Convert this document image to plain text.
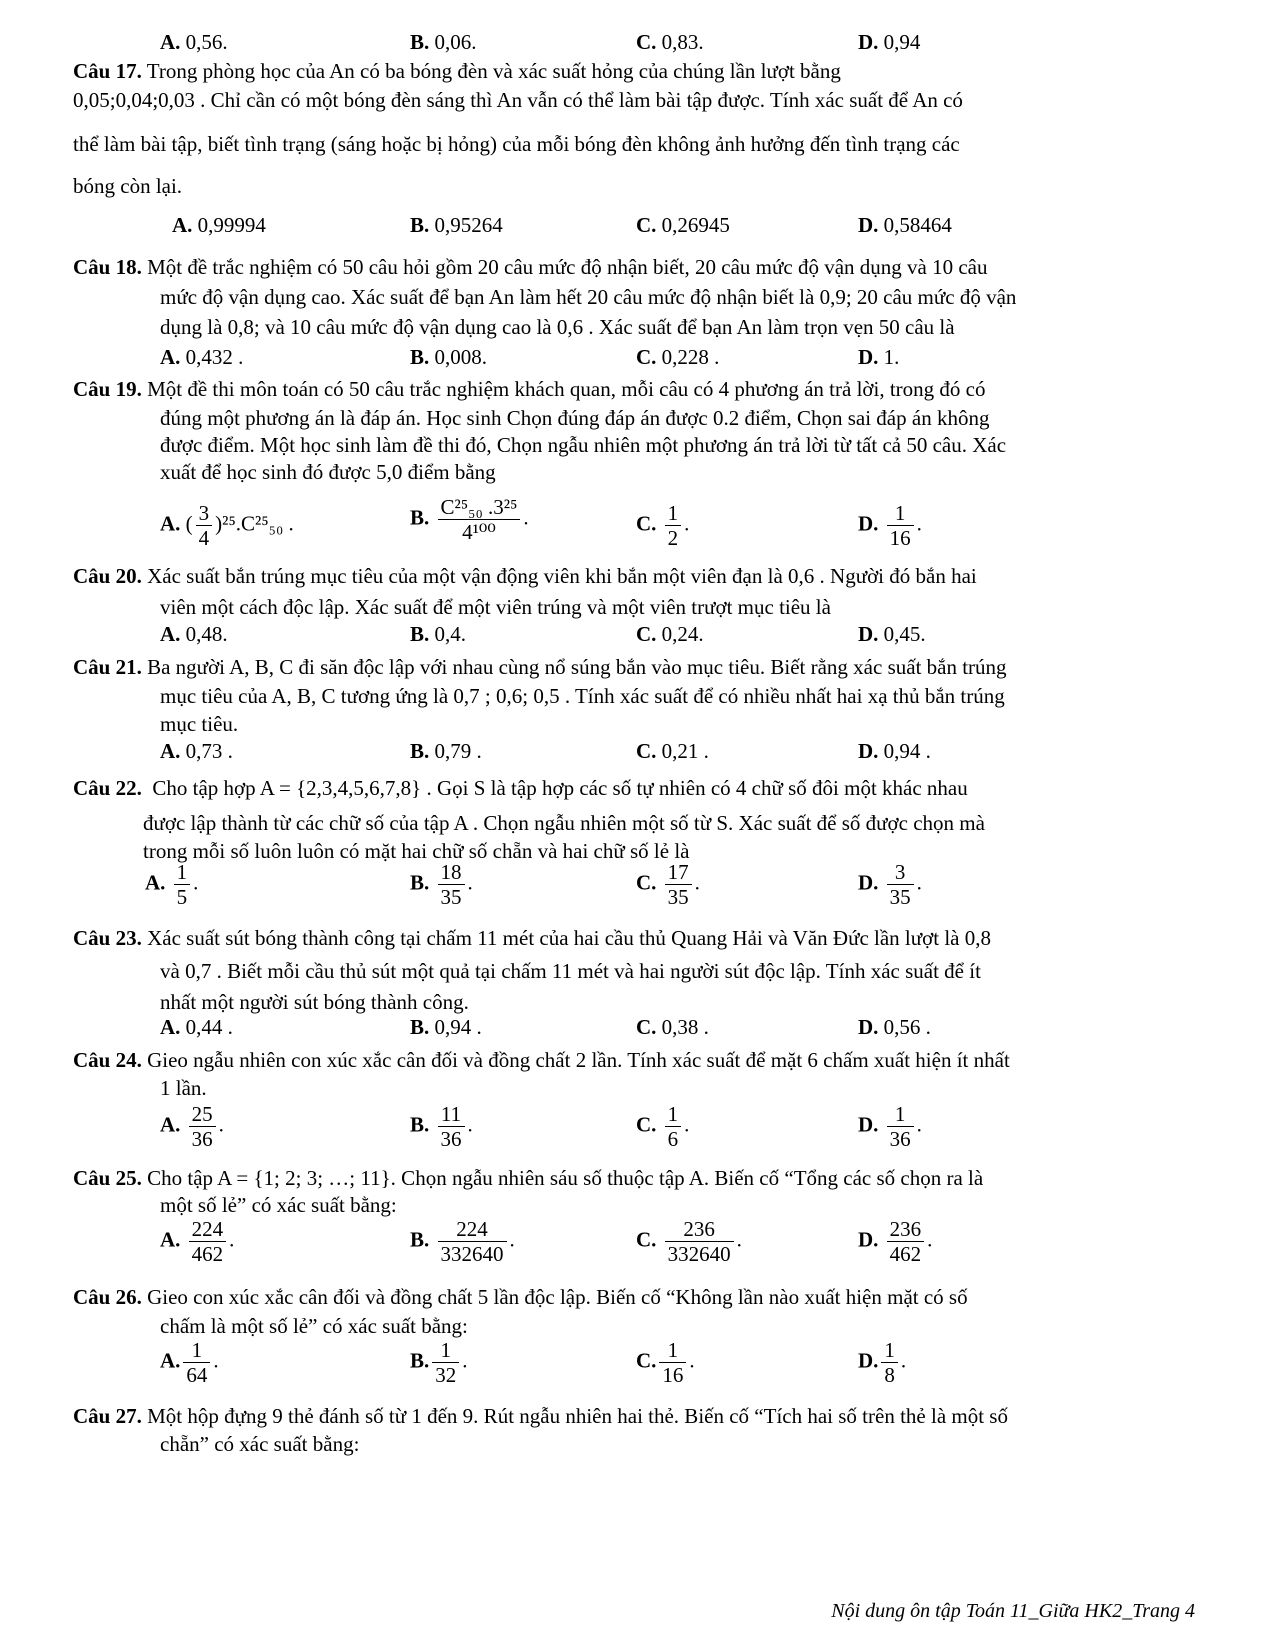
A. 0,56.	B. 0,06.	C. 0,83.	D. 0,94
Câu 17. Trong phòng học của An có ba bóng đèn và xác suất hỏng của chúng lần lượt bằng
0,05;0,04;0,03 . Chỉ cần có một bóng đèn sáng thì An vẫn có thể làm bài tập được. Tính xác suất để An có
thể làm bài tập, biết tình trạng (sáng hoặc bị hỏng) của mỗi bóng đèn không ảnh hưởng đến tình trạng các
bóng còn lại.
A. 0,99994	B. 0,95264	C. 0,26945	D. 0,58464
Câu 18. Một đề trắc nghiệm có 50 câu hỏi gồm 20 câu mức độ nhận biết, 20 câu mức độ vận dụng và 10 câu
mức độ vận dụng cao. Xác suất để bạn An làm hết 20 câu mức độ nhận biết là 0,9; 20 câu mức độ vận
dụng là 0,8; và 10 câu mức độ vận dụng cao là 0,6 . Xác suất để bạn An làm trọn vẹn 50 câu là
A. 0,432 .	B. 0,008.	C. 0,228 .	D. 1.
Câu 19. Một đề thi môn toán có 50 câu trắc nghiệm khách quan, mỗi câu có 4 phương án trả lời, trong đó có
đúng một phương án là đáp án. Học sinh Chọn đúng đáp án được 0.2 điểm, Chọn sai đáp án không
được điểm. Một học sinh làm đề thi đó, Chọn ngẫu nhiên một phương án trả lời từ tất cả 50 câu. Xác
xuất để học sinh đó được 5,0 điểm bằng
A. ( $\frac{3}{4} )^{25}.C^{25}_{50}$ .	B. $\frac{\text{C²⁵₅₀ .3²⁵}}{\text{4¹⁰⁰}}$ .	C. $\frac{1}{2}$ .	D. $\frac{1}{16}$ .
Câu 20. Xác suất bắn trúng mục tiêu của một vận động viên khi bắn một viên đạn là 0,6 . Người đó bắn hai
viên một cách độc lập. Xác suất để một viên trúng và một viên trượt mục tiêu là
A. 0,48.	B. 0,4.	C. 0,24.	D. 0,45.
Câu 21. Ba người A, B, C đi săn độc lập với nhau cùng nổ súng bắn vào mục tiêu. Biết rằng xác suất bắn trúng
mục tiêu của A, B, C tương ứng là 0,7 ; 0,6; 0,5 . Tính xác suất để có nhiều nhất hai xạ thủ bắn trúng
mục tiêu.
A. 0,73 .	B. 0,79 .	C. 0,21 .	D. 0,94 .
Câu 22. Cho tập hợp A = {2,3,4,5,6,7,8} . Gọi S là tập hợp các số tự nhiên có 4 chữ số đôi một khác nhau
được lập thành từ các chữ số của tập A . Chọn ngẫu nhiên một số từ S. Xác suất để số được chọn mà
trong mỗi số luôn luôn có mặt hai chữ số chẵn và hai chữ số lẻ là
A. $\frac{1}{5}$ .	B. $\frac{18}{35}$ .	C. $\frac{17}{35}$ .	D. $\frac{3}{35}$ .
Câu 23. Xác suất sút bóng thành công tại chấm 11 mét của hai cầu thủ Quang Hải và Văn Đức lần lượt là 0,8
và 0,7 . Biết mỗi cầu thủ sút một quả tại chấm 11 mét và hai người sút độc lập. Tính xác suất để ít
nhất một người sút bóng thành công.
A. 0,44 .	B. 0,94 .	C. 0,38 .	D. 0,56 .
Câu 24. Gieo ngẫu nhiên con xúc xắc cân đối và đồng chất 2 lần. Tính xác suất để mặt 6 chấm xuất hiện ít nhất
1 lần.
A. $\frac{25}{36}$ .	B. $\frac{11}{36}$ .	C. $\frac{1}{6}$ .	D. $\frac{1}{36}$ .
Câu 25. Cho tập A = {1; 2; 3; …; 11}. Chọn ngẫu nhiên sáu số thuộc tập A. Biến cố “Tổng các số chọn ra là
một số lẻ” có xác suất bằng:
A. $\frac{224}{462}$ .	B. $\frac{224}{332640}$ .	C. $\frac{236}{332640}$ .	D. $\frac{236}{462}$ .
Câu 26. Gieo con xúc xắc cân đối và đồng chất 5 lần độc lập. Biến cố “Không lần nào xuất hiện mặt có số
chấm là một số lẻ” có xác suất bằng:
A. $\frac{1}{64}$ .	B. $\frac{1}{32}$ .	C. $\frac{1}{16}$ .	D. $\frac{1}{8}$ .
Câu 27. Một hộp đựng 9 thẻ đánh số từ 1 đến 9. Rút ngẫu nhiên hai thẻ. Biến cố “Tích hai số trên thẻ là một số
chẵn” có xác suất bằng:
Nội dung ôn tập Toán 11_Giữa HK2_Trang 4
